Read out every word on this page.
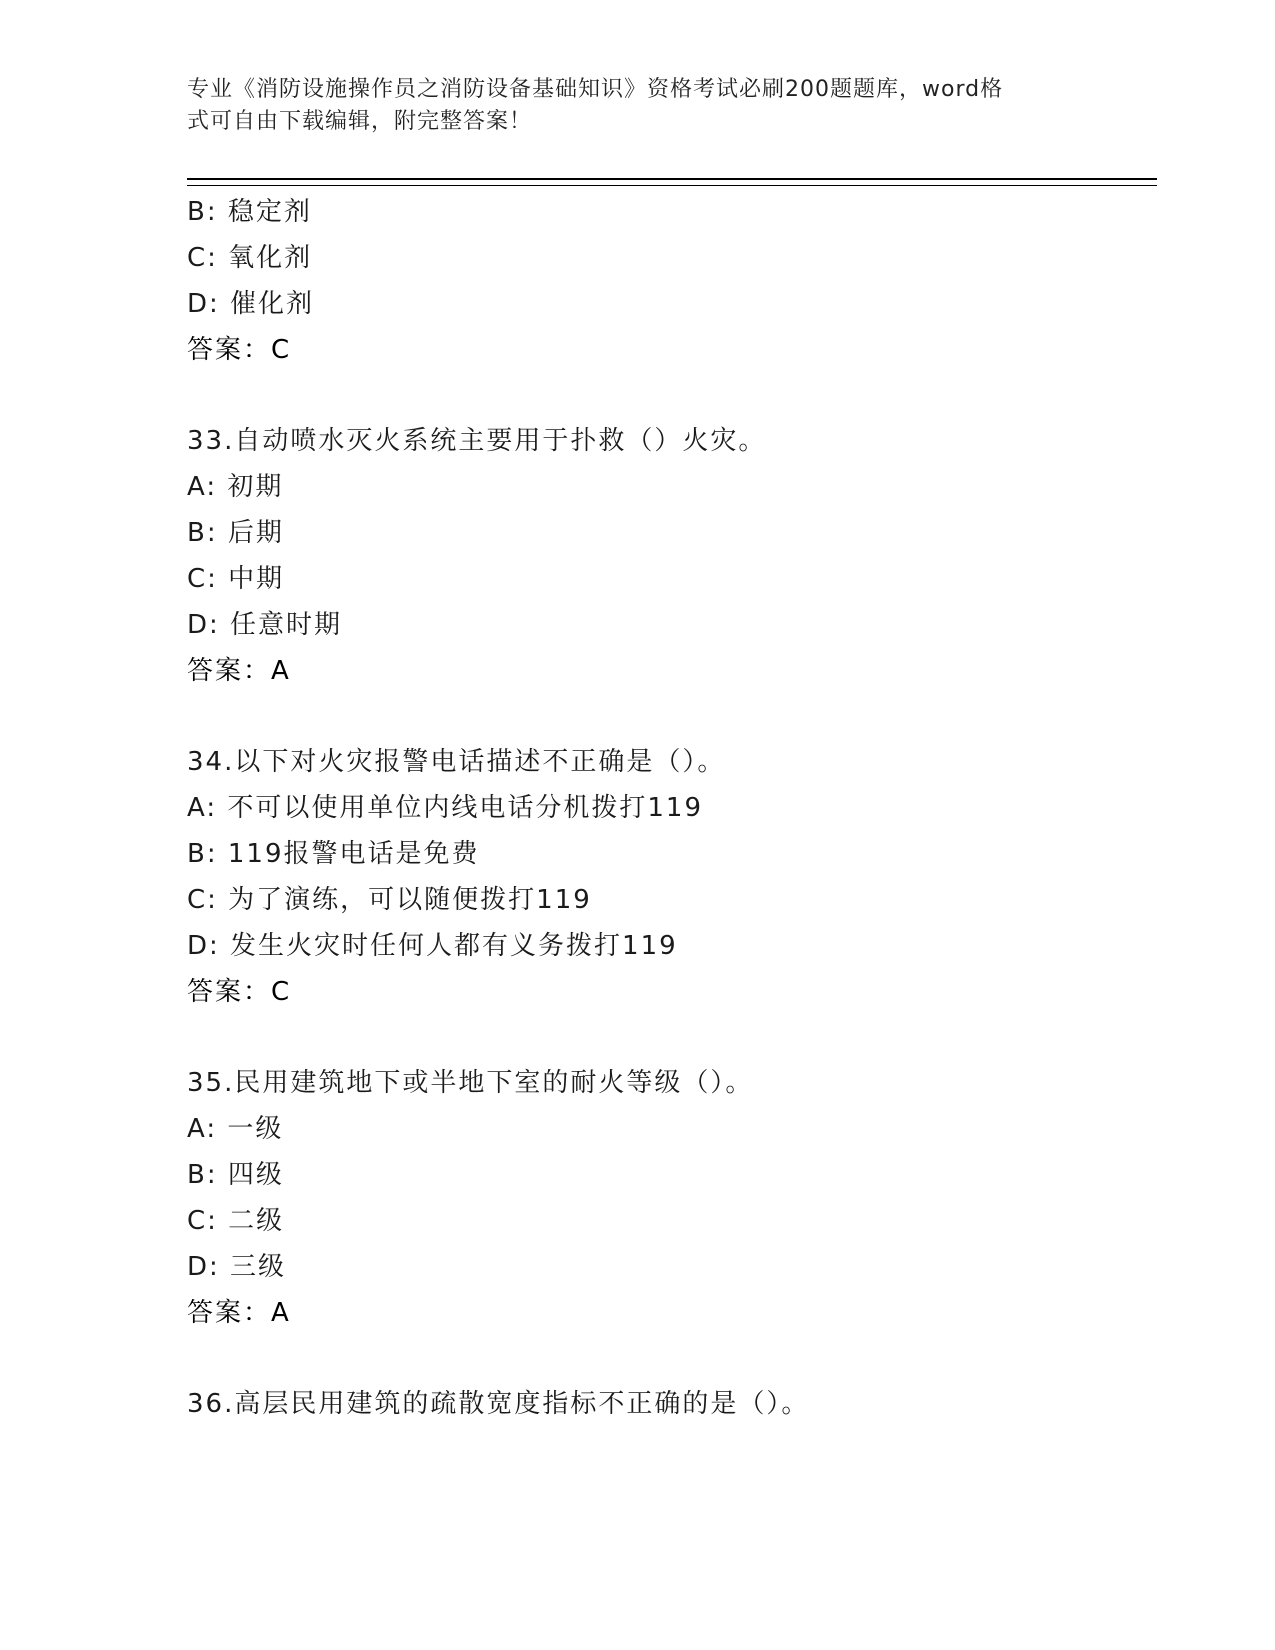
专业《消防设施操作员之消防设备基础知识》资格考试必刷200题题库，word格
式可自由下载编辑，附完整答案！
B: 稳定剂
C: 氧化剂
D: 催化剂
答案：C
33.自动喷水灭火系统主要用于扑救（）火灾。
A: 初期
B: 后期
C: 中期
D: 任意时期
答案：A
34.以下对火灾报警电话描述不正确是（）。
A: 不可以使用单位内线电话分机拨打119
B: 119报警电话是免费
C: 为了演练，可以随便拨打119
D: 发生火灾时任何人都有义务拨打119
答案：C
35.民用建筑地下或半地下室的耐火等级（）。
A: 一级
B: 四级
C: 二级
D: 三级
答案：A
36.高层民用建筑的疏散宽度指标不正确的是（）。
